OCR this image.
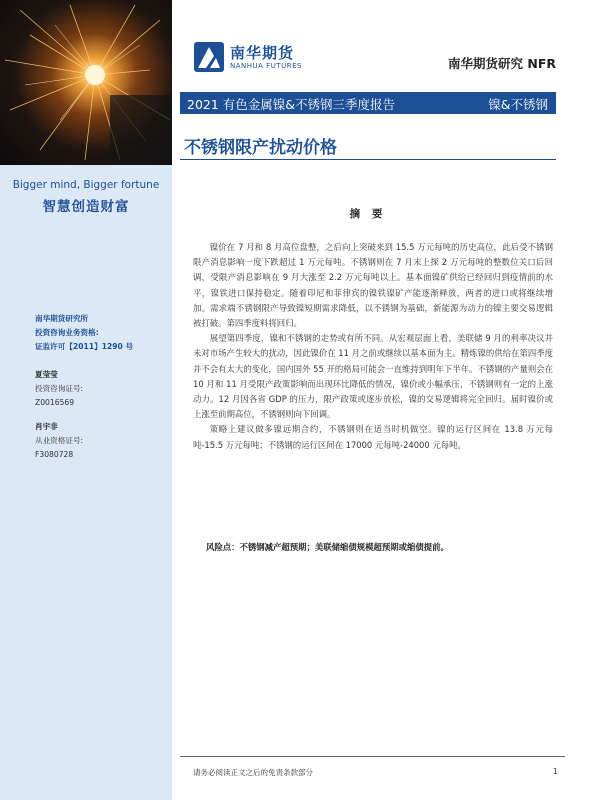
Bigger mind, Bigger fortune
智慧创造财富
南华期货研究所
投资咨询业务资格:
证监许可【2011】1290 号
夏莹莹
投资咨询证号:
Z0016569
肖宇非
从业资格证号:
F3080728
南华期货
NANHUA FUTURES	南华期货研究 NFR
2021 有色金属镍&不锈钢三季度报告	镍&不锈钢
不锈钢限产扰动价格
摘 要

镍价在 7 月和 8 月高位盘整，之后向上突破来到 15.5 万元每吨的历史高位，此后受不锈钢限产消息影响一度下跌超过 1 万元每吨。不锈钢则在 7 月末上探 2 万元每吨的整数位关口后回调，受限产消息影响在 9 月大涨至 2.2 万元每吨以上。基本面镍矿供给已经回归到疫情前的水平，镍铁进口保持稳定。随着印尼和菲律宾的镍铁镍矿产能逐渐释放，两者的进口或将继续增加。需求端不锈钢限产导致镍短期需求降低，以不锈钢为基础，新能源为动力的镍主要交易逻辑被打破。第四季度料将回归。

展望第四季度，镍和不锈钢的走势或有所不同。从宏观层面上看，美联储 9 月的利率决议并未对市场产生较大的扰动，因此镍价在 11 月之前或继续以基本面为主。精炼镍的供给在第四季度并不会有太大的变化，国内国外 55 开的格局可能会一直维持到明年下半年。不锈钢的产量则会在 10 月和 11 月受限产政策影响而出现环比降低的情况，镍价或小幅承压，不锈钢则有一定的上涨动力。12 月因各省 GDP 的压力，限产政策或逐步放松，镍的交易逻辑将完全回归。届时镍价或上涨至前期高位，不锈钢则向下回调。

策略上建议做多镍远期合约，不锈钢则在适当时机做空。镍的运行区间在 13.8 万元每吨-15.5 万元每吨；不锈钢的运行区间在 17000 元每吨-24000 元每吨。

风险点：不锈钢减产超预期；美联储缩债规模超预期或缩债提前。
请务必阅读正文之后的免责条款部分	1
